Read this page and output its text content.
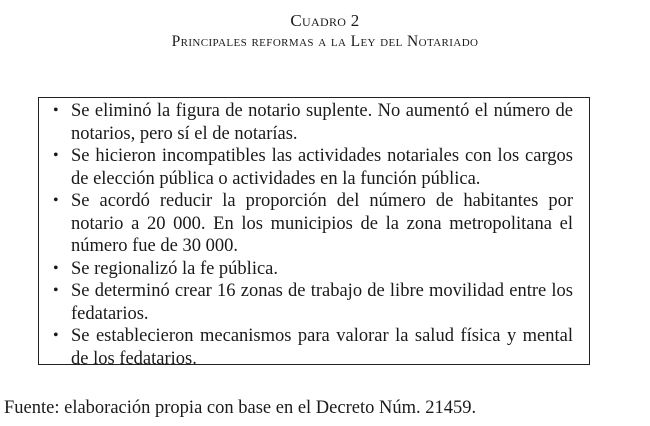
Cuadro 2
Principales reformas a la Ley del Notariado
• Se eliminó la figura de notario suplente. No aumentó el número de notarios, pero sí el de notarías.
• Se hicieron incompatibles las actividades notariales con los cargos de elección pública o actividades en la función pública.
• Se acordó reducir la proporción del número de habitantes por notario a 20 000. En los municipios de la zona metropolitana el número fue de 30 000.
• Se regionalizó la fe pública.
• Se determinó crear 16 zonas de trabajo de libre movilidad entre los fedatarios.
• Se establecieron mecanismos para valorar la salud física y mental de los fedatarios.
Fuente: elaboración propia con base en el Decreto Núm. 21459.
